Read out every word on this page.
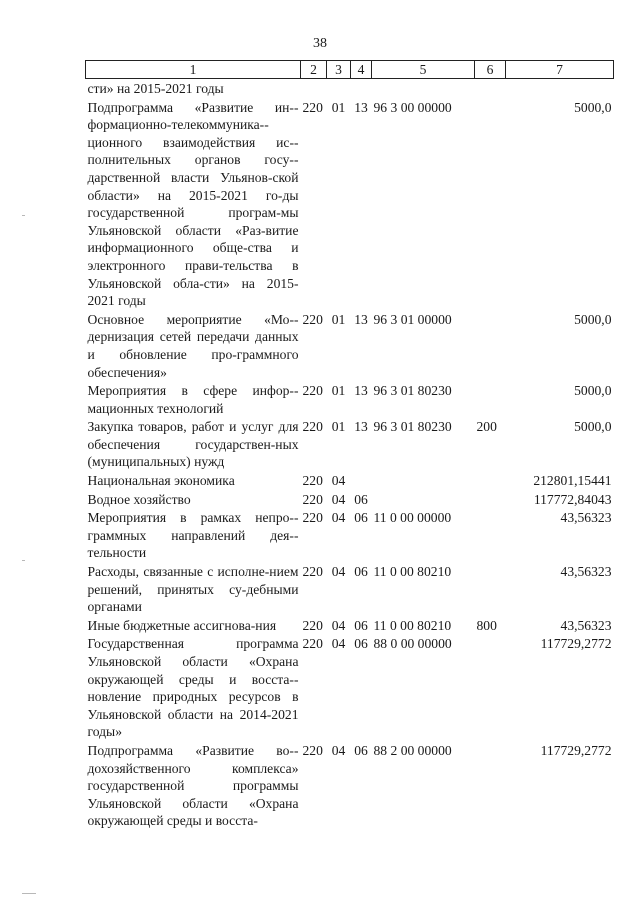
38
1	2	3	4	5	6	7
сти» на 2015-2021 годы						
Подпрограмма «Развитие ин-формационно-телекоммуника-ционного взаимодействия ис-полнительных органов госу-дарственной власти Ульянов-ской области» на 2015-2021 го-ды государственной програм-мы Ульяновской области «Раз-витие информационного обще-ства и электронного прави-тельства в Ульяновской обла-сти» на 2015-2021 годы	220	01	13	96 3 00 00000		5000,0
Основное мероприятие «Мо-дернизация сетей передачи данных и обновление про-граммного обеспечения»	220	01	13	96 3 01 00000		5000,0
Мероприятия в сфере инфор-мационных технологий	220	01	13	96 3 01 80230		5000,0
Закупка товаров, работ и услуг для обеспечения государствен-ных (муниципальных) нужд	220	01	13	96 3 01 80230	200	5000,0
Национальная экономика	220	04				212801,15441
Водное хозяйство	220	04	06			117772,84043
Мероприятия в рамках непро-граммных направлений дея-тельности	220	04	06	11 0 00 00000		43,56323
Расходы, связанные с исполне-нием решений, принятых су-дебными органами	220	04	06	11 0 00 80210		43,56323
Иные бюджетные ассигнова-ния	220	04	06	11 0 00 80210	800	43,56323
Государственная программа Ульяновской области «Охрана окружающей среды и восста-новление природных ресурсов в Ульяновской области на 2014-2021 годы»	220	04	06	88 0 00 00000		117729,2772
Подпрограмма «Развитие во-дохозяйственного комплекса» государственной программы Ульяновской области «Охрана окружающей среды и восста-	220	04	06	88 2 00 00000		117729,2772
